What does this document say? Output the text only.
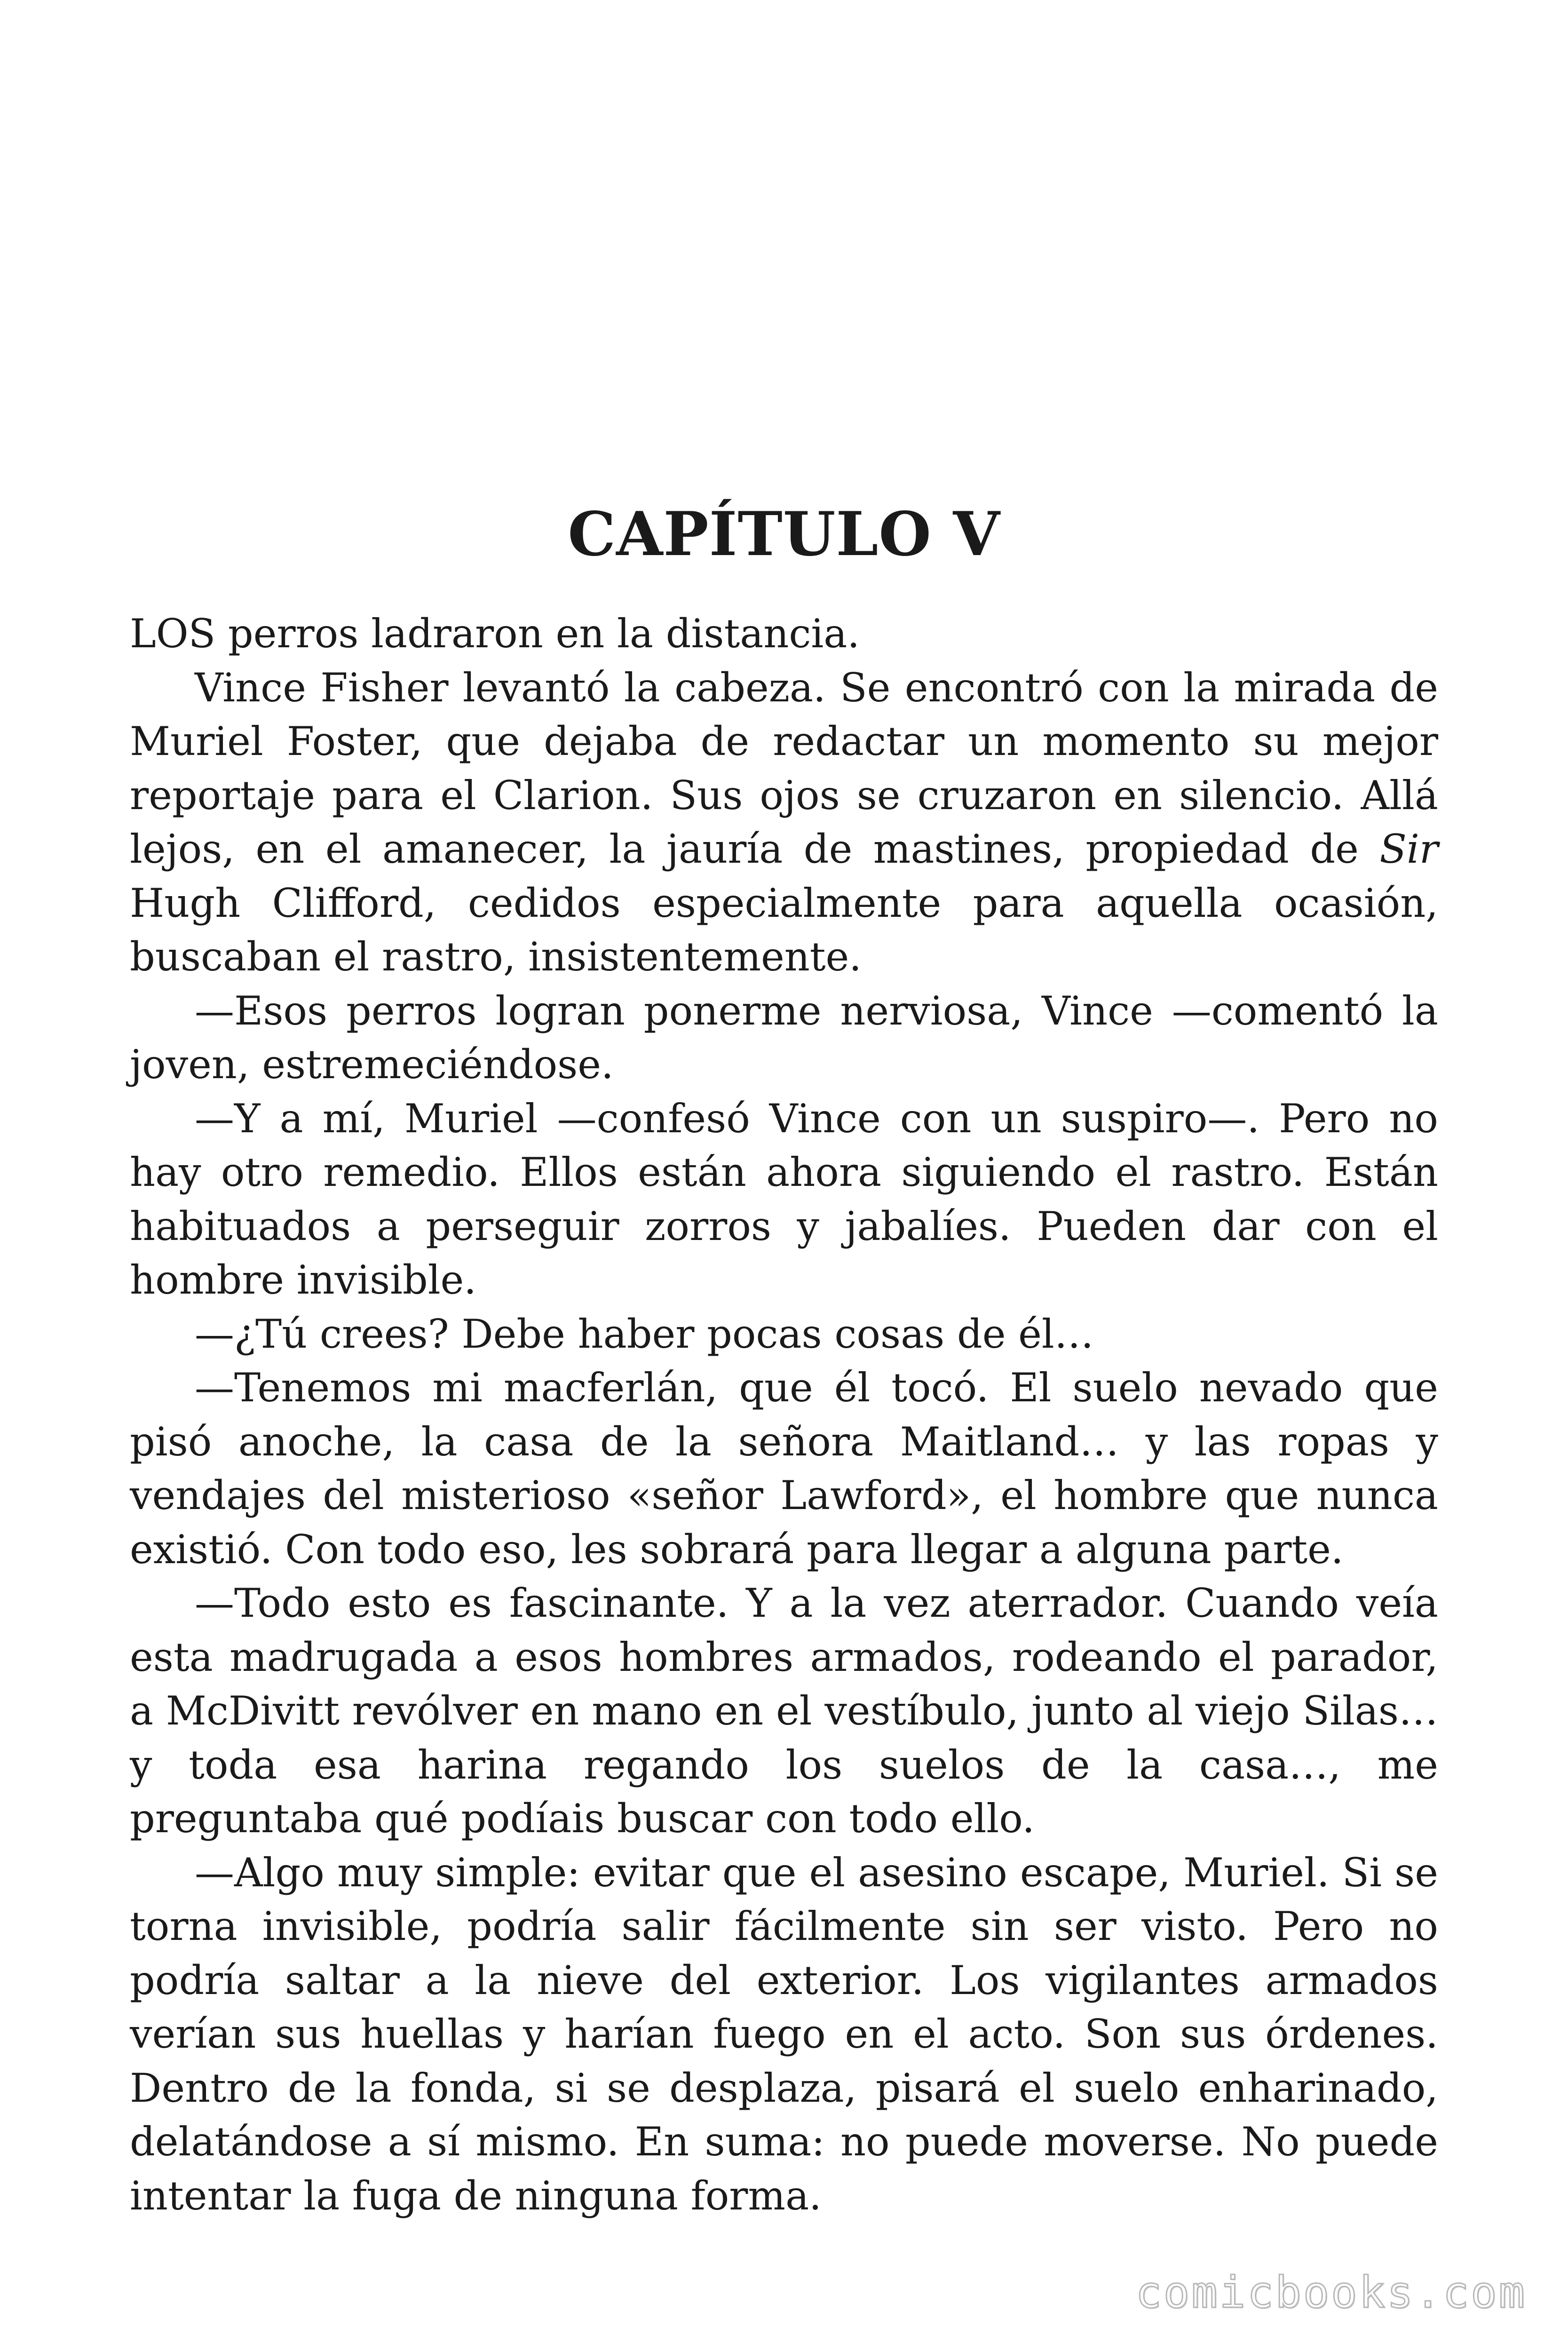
CAPÍTULO V

LOS perros ladraron en la distancia.

Vince Fisher levantó la cabeza. Se encontró con la mirada de Muriel Foster, que dejaba de redactar un momento su mejor reportaje para el Clarion. Sus ojos se cruzaron en silencio. Allá lejos, en el amanecer, la jauría de mastines, propiedad de Sir Hugh Clifford, cedidos especialmente para aquella ocasión, buscaban el rastro, insistentemente.

—Esos perros logran ponerme nerviosa, Vince —comentó la joven, estremeciéndose.

—Y a mí, Muriel —confesó Vince con un suspiro—. Pero no hay otro remedio. Ellos están ahora siguiendo el rastro. Están habituados a perseguir zorros y jabalíes. Pueden dar con el hombre invisible.

—¿Tú crees? Debe haber pocas cosas de él…

—Tenemos mi macferlán, que él tocó. El suelo nevado que pisó anoche, la casa de la señora Maitland… y las ropas y vendajes del misterioso «señor Lawford», el hombre que nunca existió. Con todo eso, les sobrará para llegar a alguna parte.

—Todo esto es fascinante. Y a la vez aterrador. Cuando veía esta madrugada a esos hombres armados, rodeando el parador, a McDivitt revólver en mano en el vestíbulo, junto al viejo Silas… y toda esa harina regando los suelos de la casa…, me preguntaba qué podíais buscar con todo ello.

—Algo muy simple: evitar que el asesino escape, Muriel. Si se torna invisible, podría salir fácilmente sin ser visto. Pero no podría saltar a la nieve del exterior. Los vigilantes armados verían sus huellas y harían fuego en el acto. Son sus órdenes. Dentro de la fonda, si se desplaza, pisará el suelo enharinado, delatándose a sí mismo. En suma: no puede moverse. No puede intentar la fuga de ninguna forma.

comicbooks.com
